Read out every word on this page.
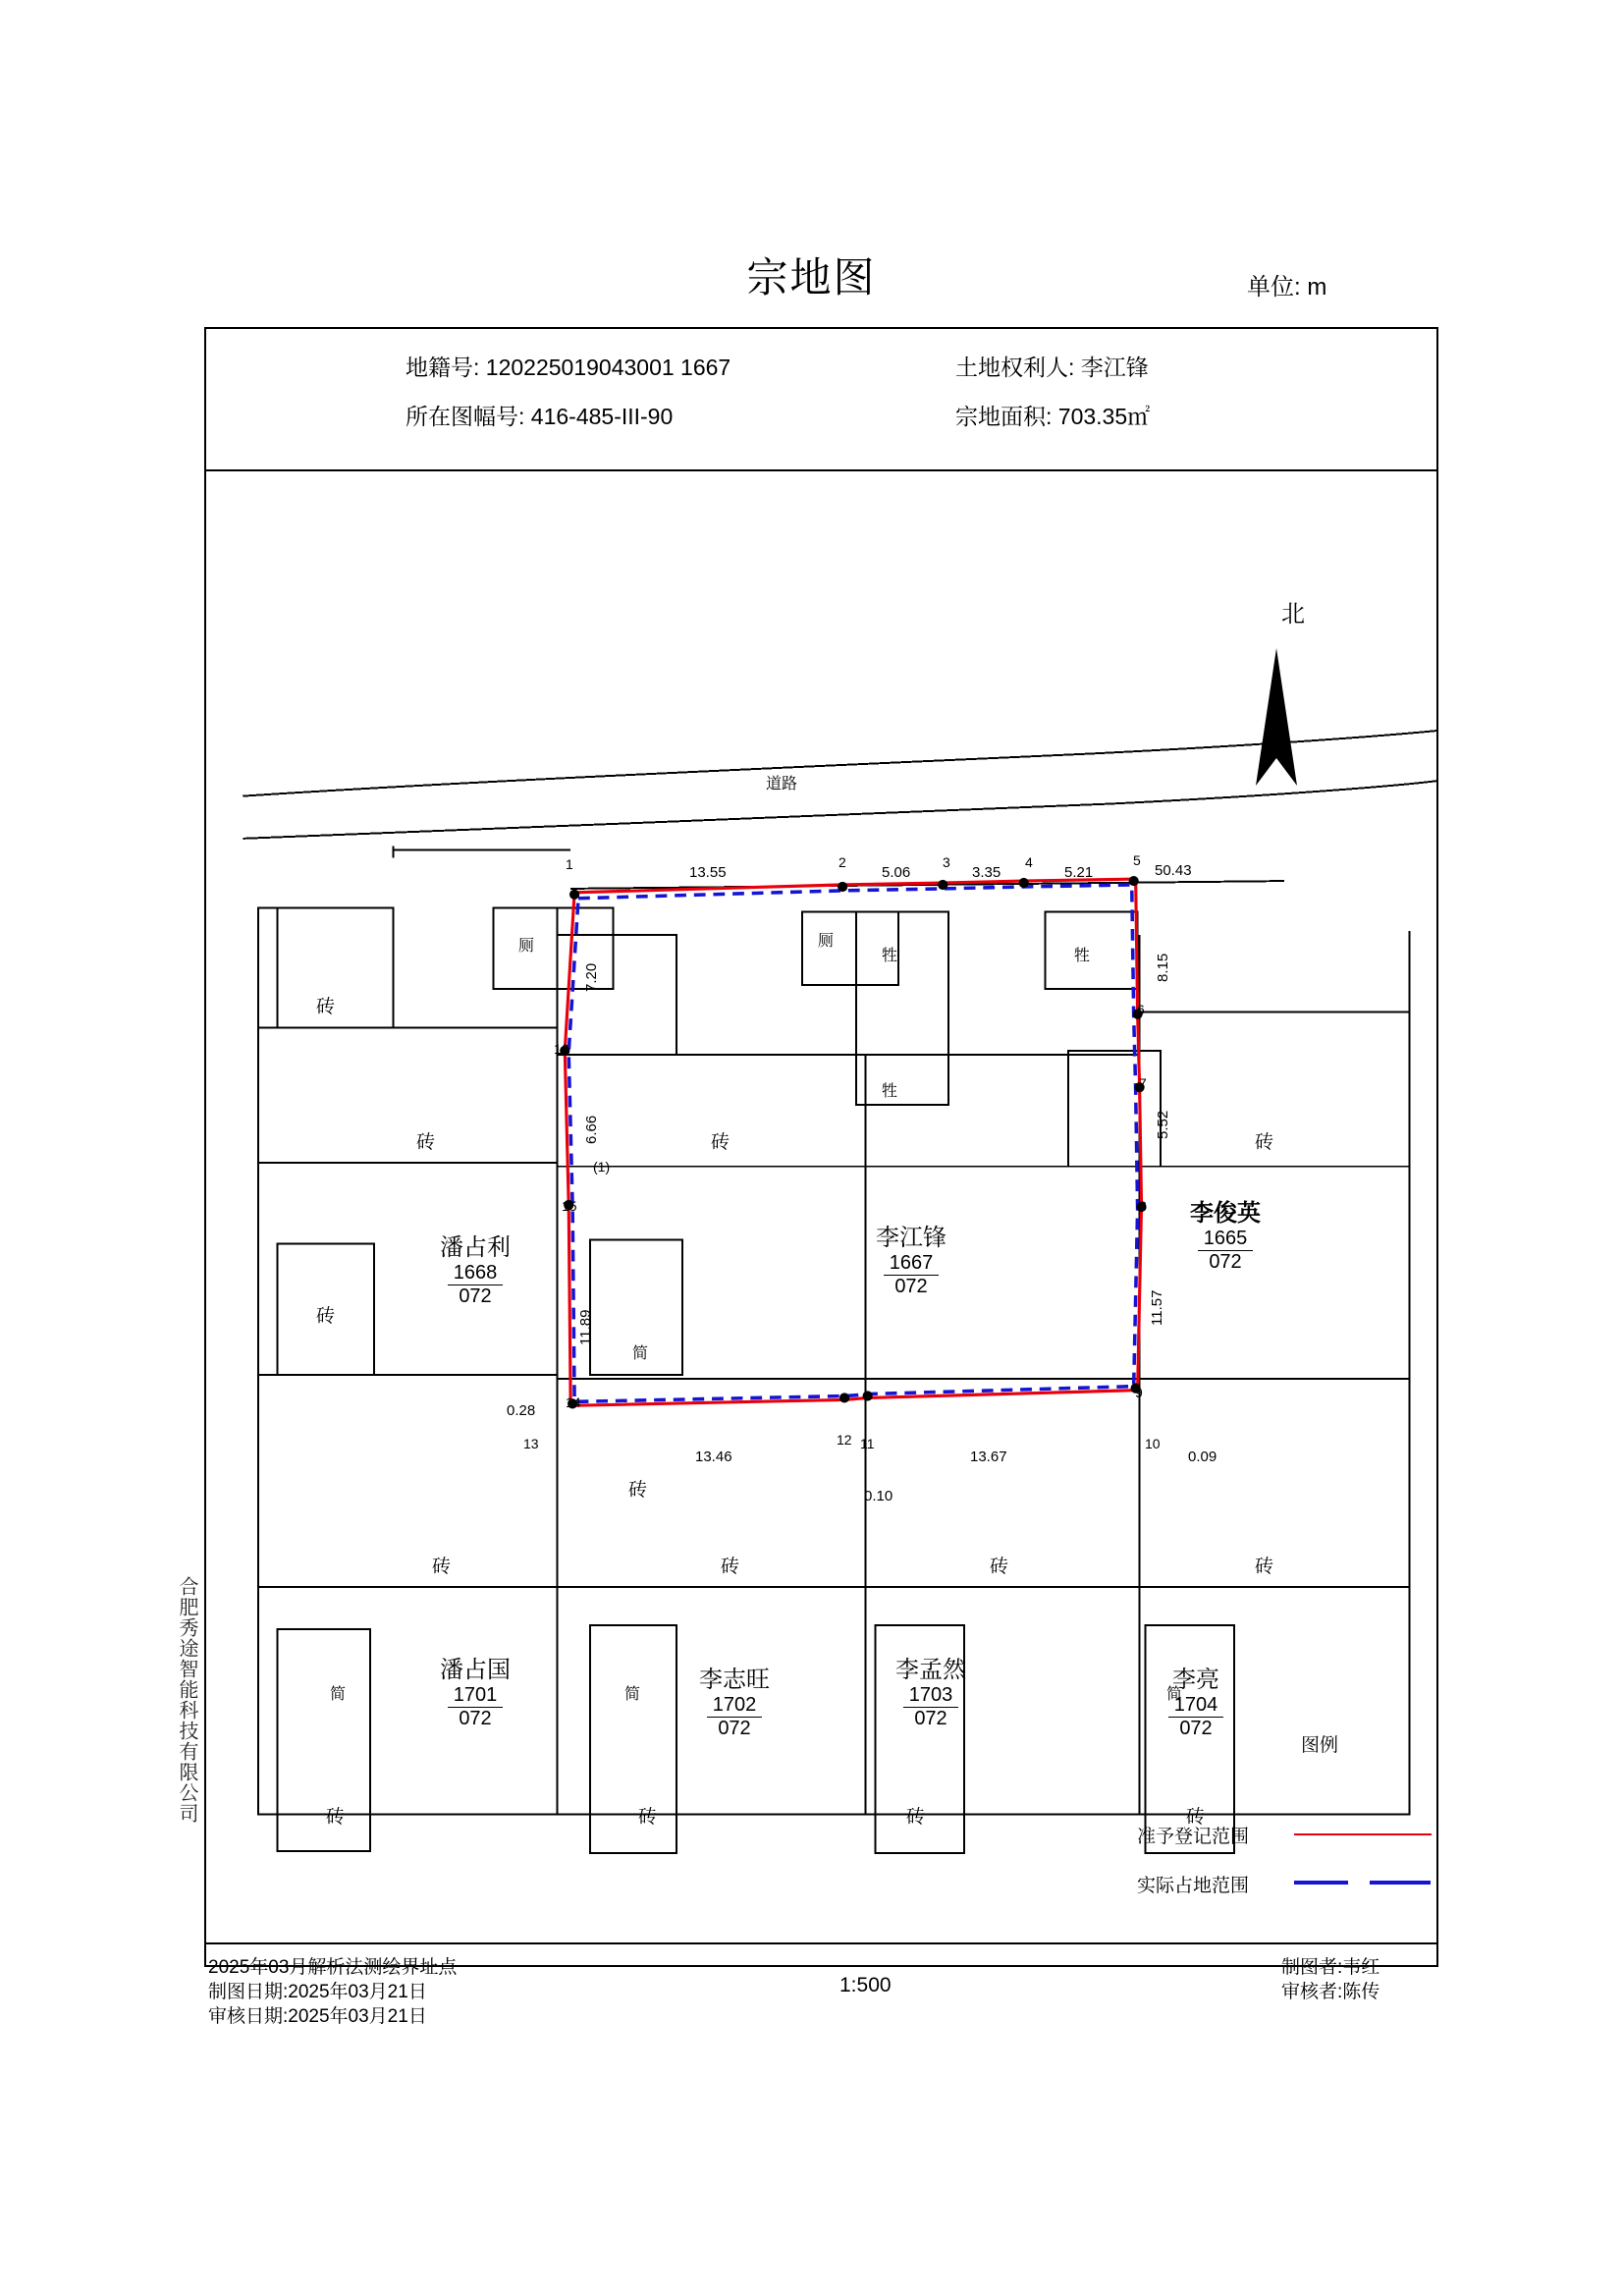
宗地图	单位: m
地籍号: 120225019043001 1667
所在图幅号: 416-485-III-90
土地权利人: 李江锋
宗地面积: 703.35㎡
2025年03月解析法测绘界址点
制图日期:2025年03月21日
审核日期:2025年03月21日
1:500
制图者:韦红
审核者:陈传
北
图例
准予登记范围
实际占地范围
合肥秀途智能科技有限公司
道路
潘占利
1668
072
李江锋
1667
072
李俊英
1665
072
潘占国
1701
072
李志旺
1702
072
李孟然
1703
072
李亮
1704
072
砖
砖
砖
砖
砖
砖
砖
砖
砖
砖
砖
砖
砖
砖
厕	厕
牲
牲
牲
简
简	简	简
13.55	5.06	3.35	5.21	50.43
7.20
6.66
11.89
8.15
5.52
11.57
0.28
13.46	13.67
0.10
0.09
(1)
1	2	3	4	5
6
7
8
9
10
11
12
13
14
15
16
